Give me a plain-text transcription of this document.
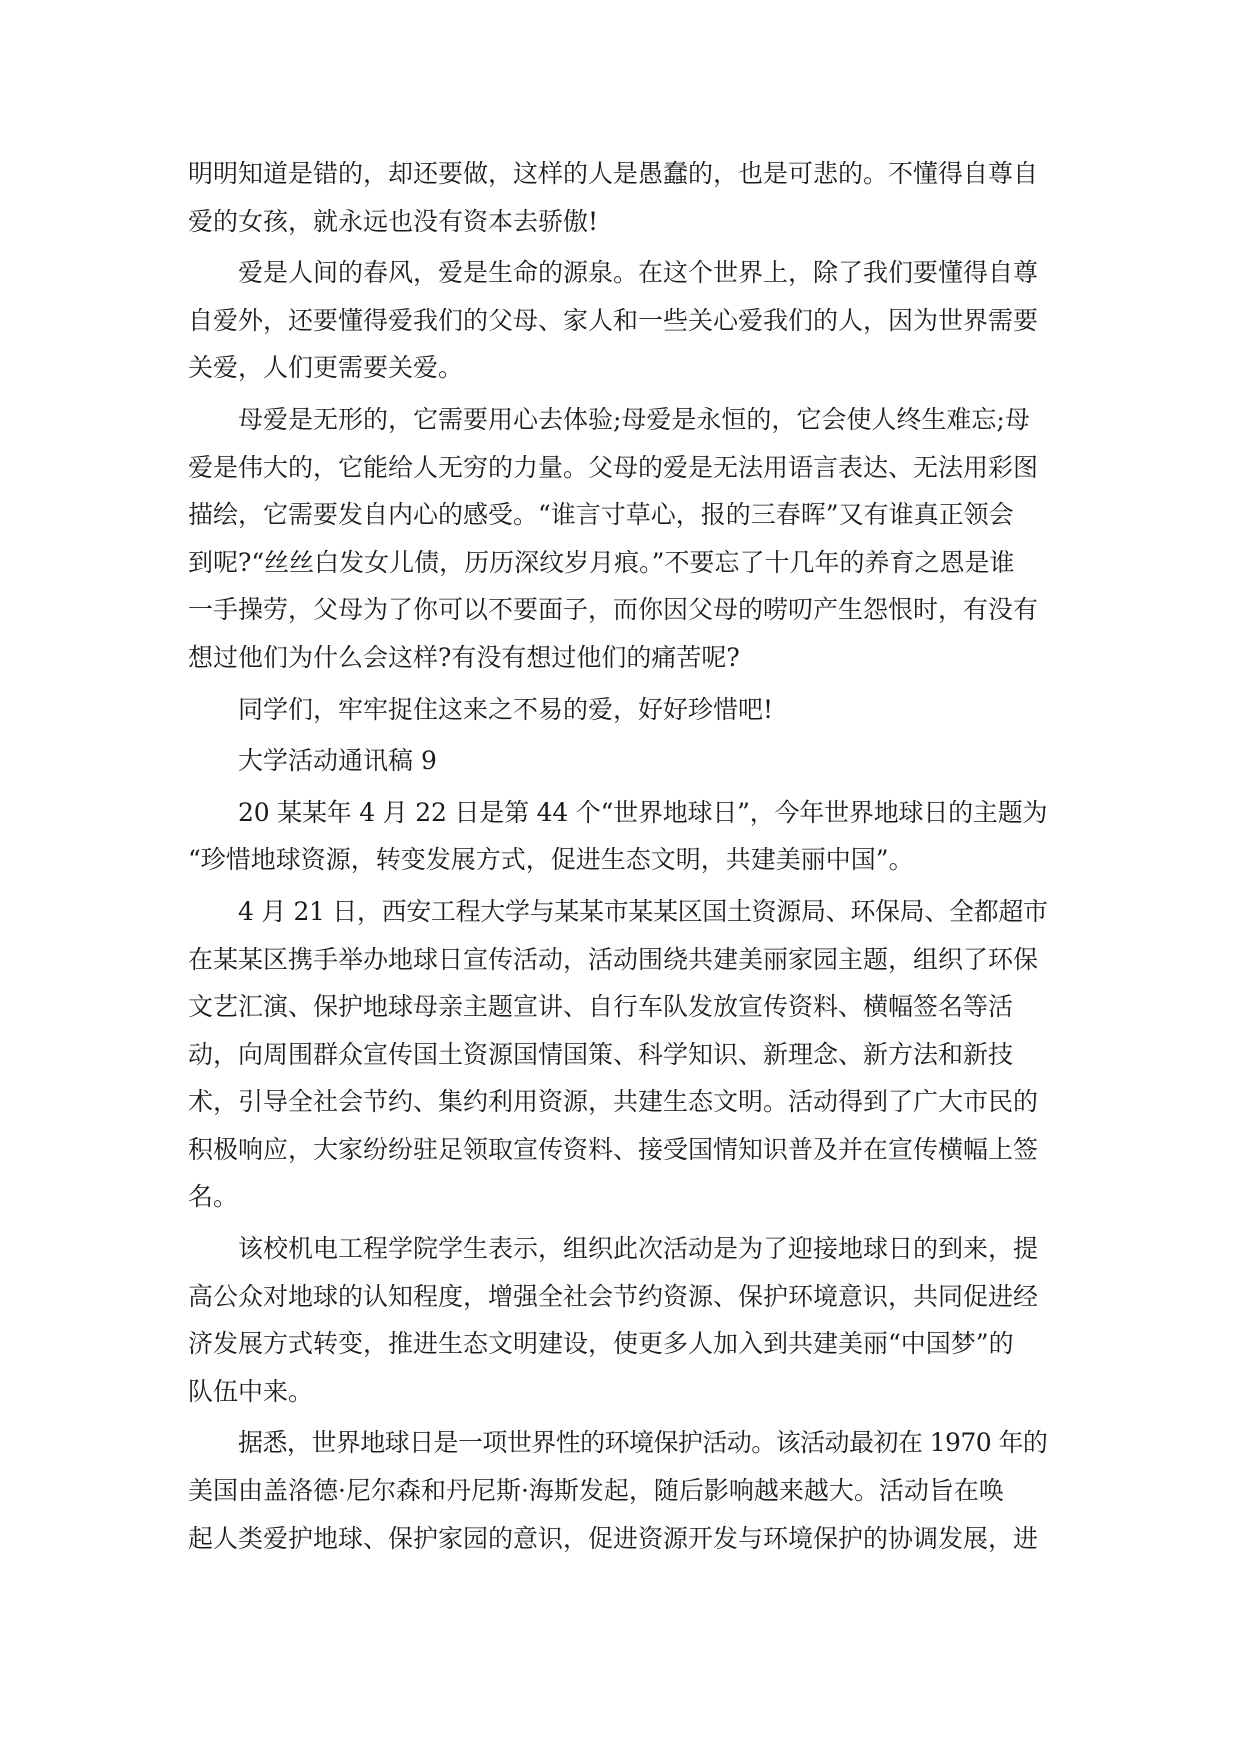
明明知道是错的，却还要做，这样的人是愚蠢的，也是可悲的。不懂得自尊自
爱的女孩，就永远也没有资本去骄傲!
爱是人间的春风，爱是生命的源泉。在这个世界上，除了我们要懂得自尊
自爱外，还要懂得爱我们的父母、家人和一些关心爱我们的人，因为世界需要
关爱，人们更需要关爱。
母爱是无形的，它需要用心去体验;母爱是永恒的，它会使人终生难忘;母
爱是伟大的，它能给人无穷的力量。父母的爱是无法用语言表达、无法用彩图
描绘，它需要发自内心的感受。“谁言寸草心，报的三春晖”又有谁真正领会
到呢?“丝丝白发女儿债，历历深纹岁月痕。”不要忘了十几年的养育之恩是谁
一手操劳，父母为了你可以不要面子，而你因父母的唠叨产生怨恨时，有没有
想过他们为什么会这样?有没有想过他们的痛苦呢?
同学们，牢牢捉住这来之不易的爱，好好珍惜吧!
大学活动通讯稿 9
20 某某年 4 月 22 日是第 44 个“世界地球日”，今年世界地球日的主题为
“珍惜地球资源，转变发展方式，促进生态文明，共建美丽中国”。
4 月 21 日，西安工程大学与某某市某某区国土资源局、环保局、全都超市
在某某区携手举办地球日宣传活动，活动围绕共建美丽家园主题，组织了环保
文艺汇演、保护地球母亲主题宣讲、自行车队发放宣传资料、横幅签名等活
动，向周围群众宣传国土资源国情国策、科学知识、新理念、新方法和新技
术，引导全社会节约、集约利用资源，共建生态文明。活动得到了广大市民的
积极响应，大家纷纷驻足领取宣传资料、接受国情知识普及并在宣传横幅上签
名。
该校机电工程学院学生表示，组织此次活动是为了迎接地球日的到来，提
高公众对地球的认知程度，增强全社会节约资源、保护环境意识，共同促进经
济发展方式转变，推进生态文明建设，使更多人加入到共建美丽“中国梦”的
队伍中来。
据悉，世界地球日是一项世界性的环境保护活动。该活动最初在 1970 年的
美国由盖洛德·尼尔森和丹尼斯·海斯发起，随后影响越来越大。活动旨在唤
起人类爱护地球、保护家园的意识，促进资源开发与环境保护的协调发展，进
